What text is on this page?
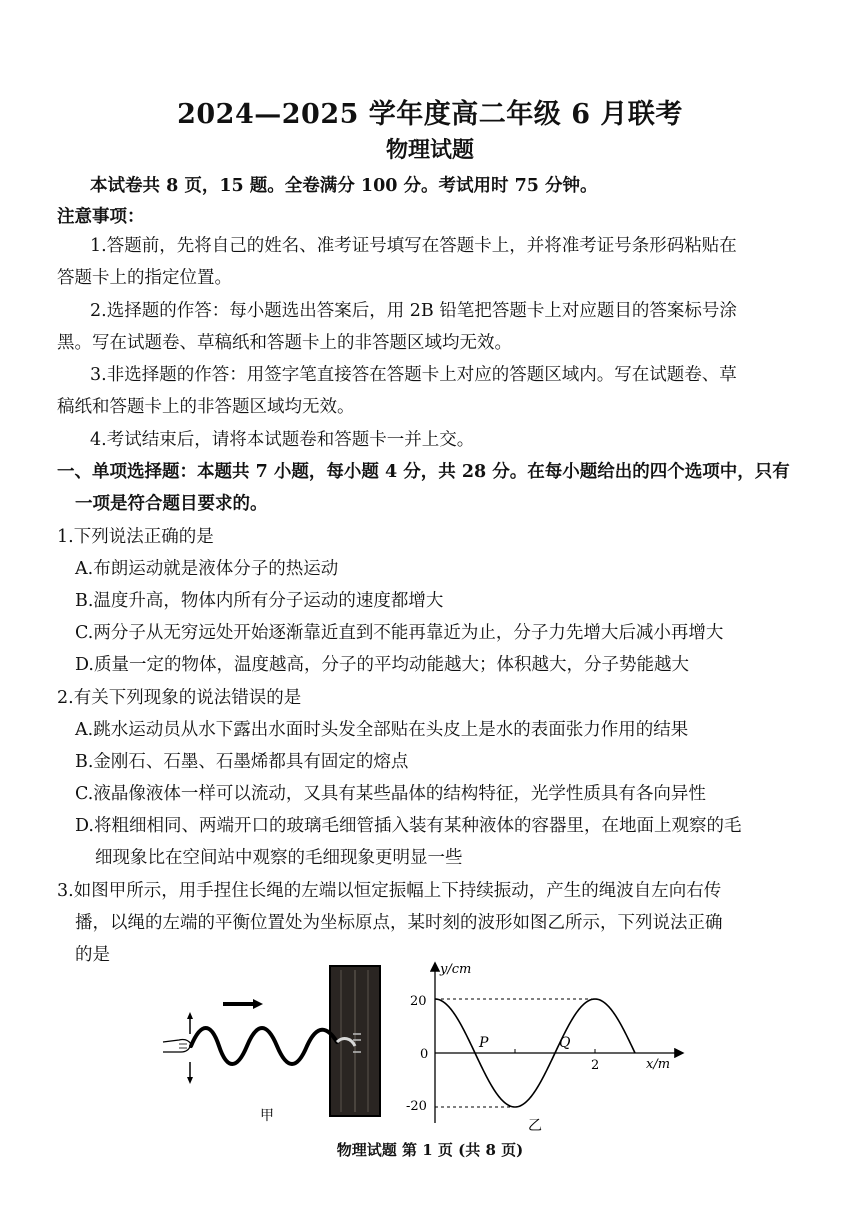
2024—2025 学年度高二年级 6 月联考
物理试题
本试卷共 8 页，15 题。全卷满分 100 分。考试用时 75 分钟。
注意事项：
1.答题前，先将自己的姓名、准考证号填写在答题卡上，并将准考证号条形码粘贴在
答题卡上的指定位置。
2.选择题的作答：每小题选出答案后，用 2B 铅笔把答题卡上对应题目的答案标号涂
黑。写在试题卷、草稿纸和答题卡上的非答题区域均无效。
3.非选择题的作答：用签字笔直接答在答题卡上对应的答题区域内。写在试题卷、草
稿纸和答题卡上的非答题区域均无效。
4.考试结束后，请将本试题卷和答题卡一并上交。
一、单项选择题：本题共 7 小题，每小题 4 分，共 28 分。在每小题给出的四个选项中，只有
一项是符合题目要求的。
1.下列说法正确的是
A.布朗运动就是液体分子的热运动
B.温度升高，物体内所有分子运动的速度都增大
C.两分子从无穷远处开始逐渐靠近直到不能再靠近为止，分子力先增大后减小再增大
D.质量一定的物体，温度越高，分子的平均动能越大；体积越大，分子势能越大
2.有关下列现象的说法错误的是
A.跳水运动员从水下露出水面时头发全部贴在头皮上是水的表面张力作用的结果
B.金刚石、石墨、石墨烯都具有固定的熔点
C.液晶像液体一样可以流动，又具有某些晶体的结构特征，光学性质具有各向异性
D.将粗细相同、两端开口的玻璃毛细管插入装有某种液体的容器里，在地面上观察的毛
细现象比在空间站中观察的毛细现象更明显一些
3.如图甲所示，用手捏住长绳的左端以恒定振幅上下持续振动，产生的绳波自左向右传
播，以绳的左端的平衡位置处为坐标原点，某时刻的波形如图乙所示，下列说法正确
的是
甲
y/cm
x/m
20
0
-20
2
P	Q
乙
物理试题 第 1 页 (共 8 页)
